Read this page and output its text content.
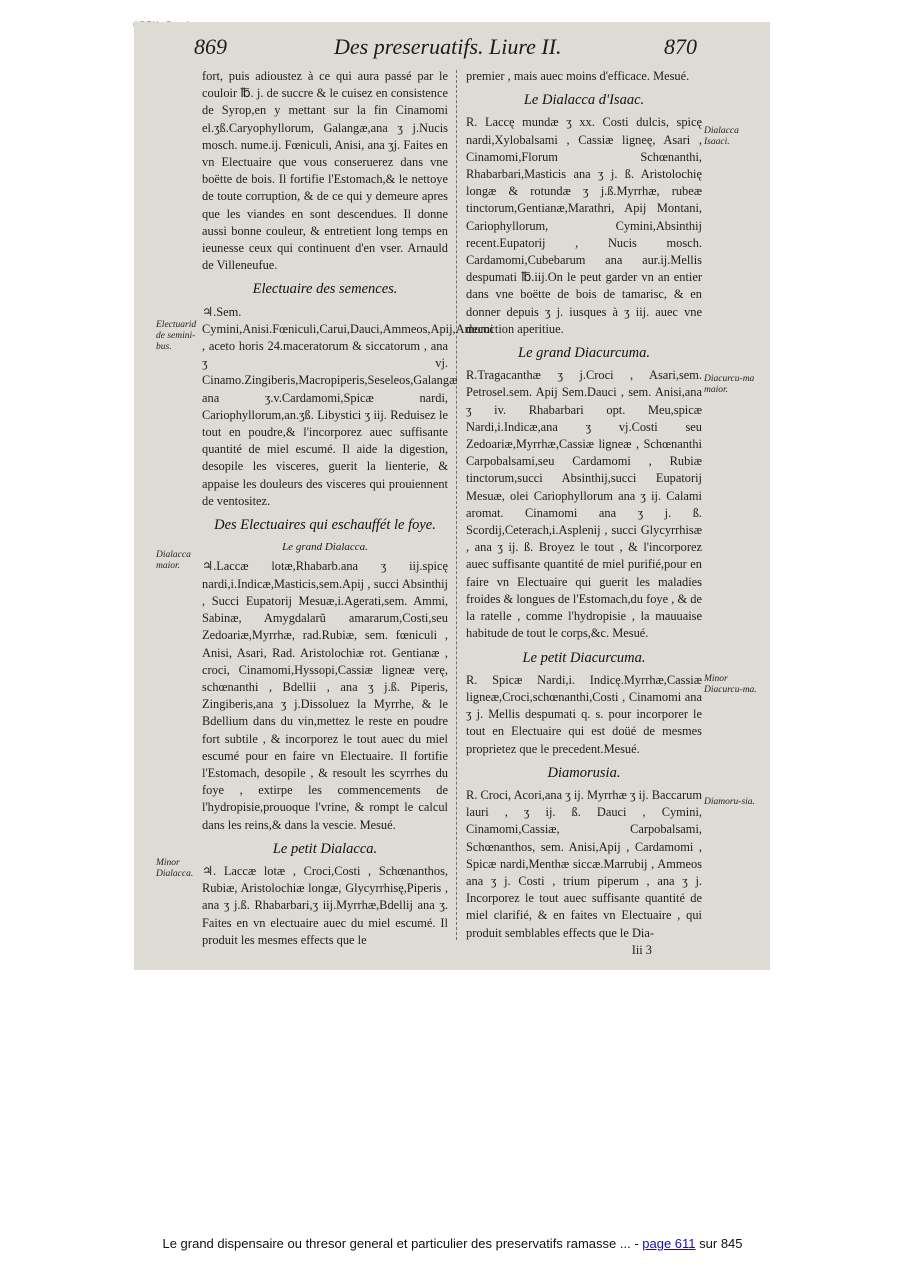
869	Des preseruatifs. Liure II.	870

fort, puis adioustez à ce qui aura passé par le couloir ℔. j. de succre & le cuisez en consistence de Syrop,en y mettant sur la fin Cinamomi el.ʒß.Caryophyllorum, Galangæ,ana ʒ j.Nucis mosch. nume.ij. Fœniculi, Anisi, ana ʒj. Faites en vn Electuaire que vous conseruerez dans vne boëtte de bois. Il fortifie l'Estomach,& le nettoye de toute corruption, & de ce qui y demeure apres que les viandes en sont descendues. Il donne aussi bonne couleur, & entretient long temps en ieunesse ceux qui continuent d'en vser. Arnauld de Villeneufue.

Electuaire des semences.

♃.Sem. Cymini,Anisi.Fœniculi,Carui,Dauci,Ammeos,Apij,Amomi , aceto horis 24.maceratorum & siccatorum , ana ʒ vj. Cinamo.Zingiberis,Macropiperis,Seseleos,Galangæ ana ʒ.v.Cardamomi,Spicæ nardi, Cariophyllorum,an.ʒß. Libystici ʒ iij. Reduisez le tout en poudre,& l'incorporez auec suffisante quantité de miel escumé. Il aide la digestion, desopile les visceres, guerit la lienterie, & appaise les douleurs des visceres qui prouiennent de ventositez.

Des Electuaires qui eschauffét le foye.
Le grand Dialacca.

♃.Laccæ lotæ,Rhabarb.ana ʒ iij.spicę nardi,i.Indicæ,Masticis,sem.Apij , succi Absinthij , Succi Eupatorij Mesuæ,i.Agerati,sem. Ammi, Sabinæ, Amygdalarũ amararum,Costi,seu Zedoariæ,Myrrhæ, rad.Rubiæ, sem. fœniculi , Anisi, Asari, Rad. Aristolochiæ rot. Gentianæ , croci, Cinamomi,Hyssopi,Cassiæ ligneæ verę, schœnanthi , Bdellii , ana ʒ j.ß. Piperis, Zingiberis,ana ʒ j.Dissoluez la Myrrhe, & le Bdellium dans du vin,mettez le reste en poudre fort subtile , & incorporez le tout auec du miel escumé pour en faire vn Electuaire. Il fortifie l'Estomach, desopile , & resoult les scyrrhes du foye , extirpe les commencements de l'hydropisie,prouoque l'vrine, & rompt le calcul dans les reins,& dans la vescie. Mesué.

Le petit Dialacca.

♃. Laccæ lotæ , Croci,Costi , Schœnanthos, Rubiæ, Aristolochiæ longæ, Glycyrrhisę,Piperis , ana ʒ j.ß. Rhabarbari,ʒ iij.Myrrhæ,Bdellij ana ʒ. Faites en vn electuaire auec du miel escumé. Il produit les mesmes effects que le

premier , mais auec moins d'efficace. Mesué.

Le Dialacca d'Isaac.

R. Laccę mundæ ʒ xx. Costi dulcis, spicę nardi,Xylobalsami , Cassiæ ligneę, Asari , Cinamomi,Florum Schœnanthi, Rhabarbari,Masticis ana ʒ j. ß. Aristolochię longæ & rotundæ ʒ j.ß.Myrrhæ, rubeæ tinctorum,Gentianæ,Marathri, Apij Montani, Cariophyllorum, Cymini,Absinthij recent.Eupatorij , Nucis mosch. Cardamomi,Cubebarum ana aur.ij.Mellis despumati ℔.iij.On le peut garder vn an entier dans vne boëtte de bois de tamarisc, & en donner depuis ʒ j. iusques à ʒ iij. auec vne decoction aperitiue.

Le grand Diacurcuma.

R.Tragacanthæ ʒ j.Croci , Asari,sem. Petrosel.sem. Apij Sem.Dauci , sem. Anisi,ana ʒ iv. Rhabarbari opt. Meu,spicæ Nardi,i.Indicæ,ana ʒ vj.Costi seu Zedoariæ,Myrrhæ,Cassiæ ligneæ , Schœnanthi Carpobalsami,seu Cardamomi , Rubiæ tinctorum,succi Absinthij,succi Eupatorij Mesuæ, olei Cariophyllorum ana ʒ ij. Calami aromat. Cinamomi ana ʒ j. ß. Scordij,Ceterach,i.Asplenij , succi Glycyrrhisæ , ana ʒ ij. ß. Broyez le tout , & l'incorporez auec suffisante quantité de miel purifié,pour en faire vn Electuaire qui guerit les maladies froides & longues de l'Estomach,du foye , & de la ratelle , comme l'hydropisie , la mauuaise habitude de tout le corps,&c. Mesué.

Le petit Diacurcuma.

R. Spicæ Nardi,i. Indicę.Myrrhæ,Cassiæ ligneæ,Croci,schœnanthi,Costi , Cinamomi ana ʒ j. Mellis despumati q. s. pour incorporer le tout en Electuaire qui est doüé de mesmes proprietez que le precedent.Mesué.

Diamorusia.

R. Croci, Acori,ana ʒ ij. Myrrhæ ʒ ij. Baccarum lauri , ʒ ij. ß. Dauci , Cymini, Cinamomi,Cassiæ, Carpobalsami, Schœnanthos, sem. Anisi,Apij , Cardamomi , Spicæ nardi,Menthæ siccæ.Marrubij , Ammeos ana ʒ j. Costi , trium piperum , ana ʒ j. Incorporez le tout auec suffisante quantité de miel clarifié, & en faites vn Electuaire , qui produit semblables effects que le Dia-

Iii 3

Electuarid de semini-bus.
Dialacca maior.
Minor Dialacca.
Dialacca Isaaci.
Diacurcu-ma maior.
Minor Diacurcu-ma.
Diamoru-sia.
Le grand dispensaire ou thresor general et particulier des preservatifs ramasse ... - page 611 sur 845
